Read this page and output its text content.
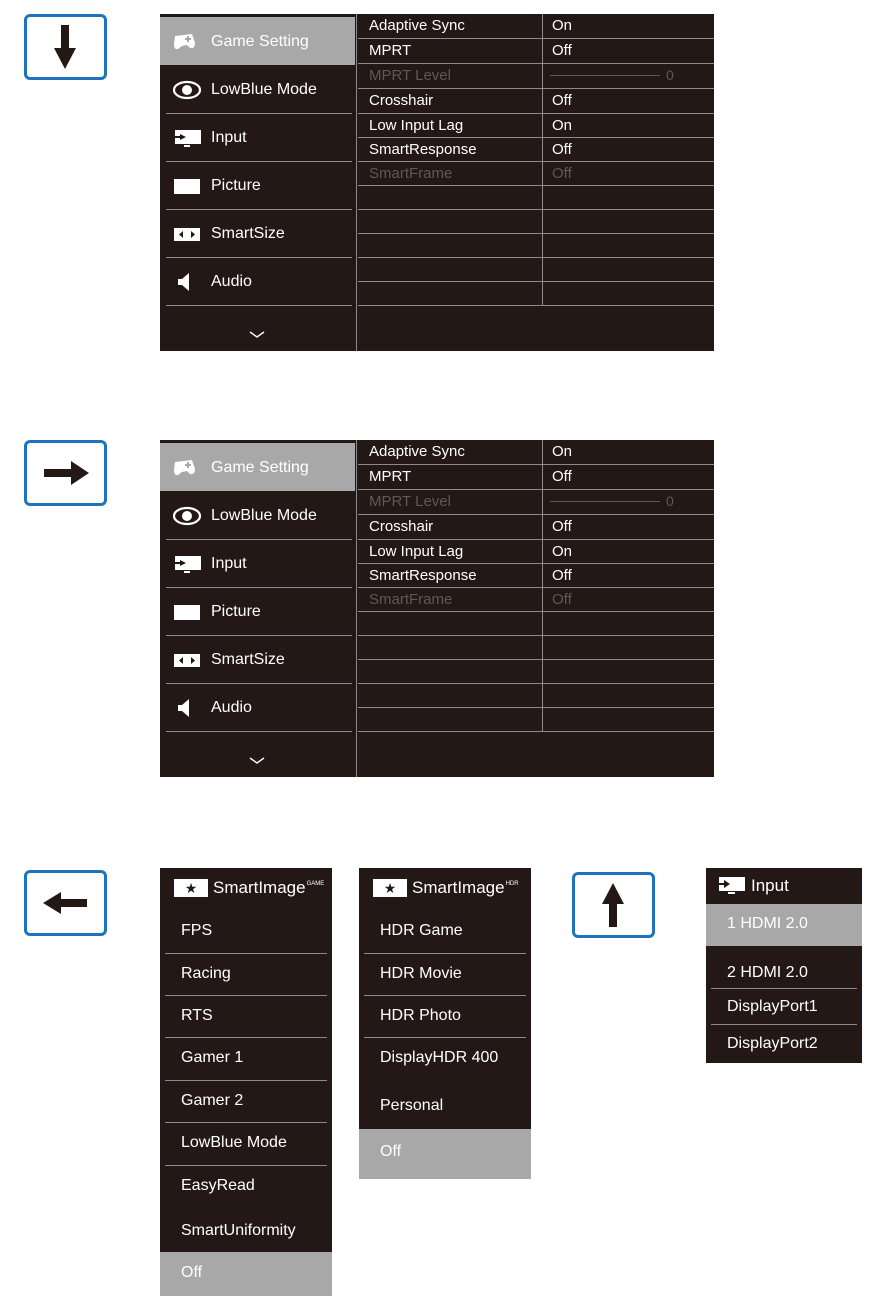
Game Setting
LowBlue Mode
Input
Picture
SmartSize
Audio
Adaptive Sync	On
MPRT	Off
MPRT Level	0
Crosshair	Off
Low Input Lag	On
SmartResponse	Off
SmartFrame	Off
Game Setting
LowBlue Mode
Input
Picture
SmartSize
Audio
Adaptive Sync	On
MPRT	Off
MPRT Level	0
Crosshair	Off
Low Input Lag	On
SmartResponse	Off
SmartFrame	Off
★ SmartImage$^{GAME}$
FPS
Racing
RTS
Gamer 1
Gamer 2
LowBlue Mode
EasyRead
SmartUniformity
Off
★ SmartImage$^{HDR}$
HDR Game
HDR Movie
HDR Photo
DisplayHDR 400
Personal
Off
Input
1 HDMI 2.0
2 HDMI 2.0
DisplayPort1
DisplayPort2
